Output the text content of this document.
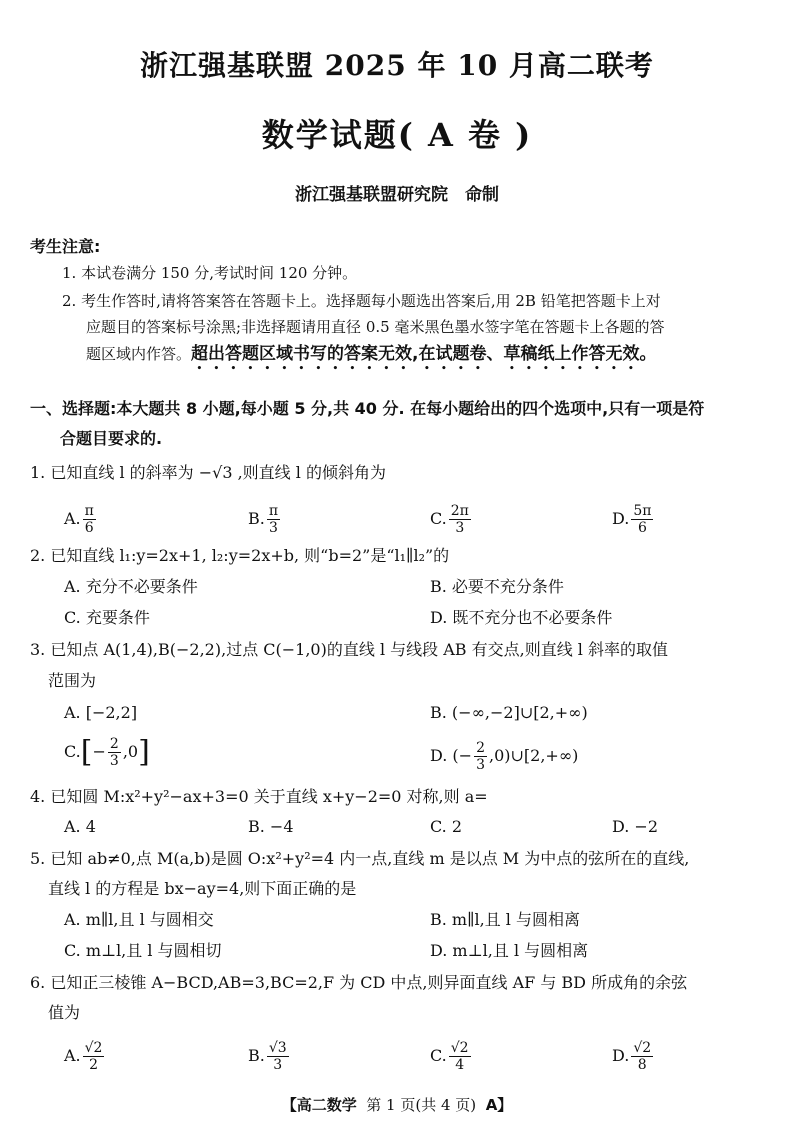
浙江强基联盟 2025 年 10 月高二联考
数学试题( A 卷 )
浙江强基联盟研究院　命制
考生注意:
1. 本试卷满分 150 分,考试时间 120 分钟。
2. 考生作答时,请将答案答在答题卡上。选择题每小题选出答案后,用 2B 铅笔把答题卡上对
应题目的答案标号涂黑;非选择题请用直径 0.5 毫米黑色墨水签字笔在答题卡上各题的答
题区域内作答。超出答题区域书写的答案无效,在试题卷、草稿纸上作答无效。
一、选择题:本大题共 8 小题,每小题 5 分,共 40 分. 在每小题给出的四个选项中,只有一项是符
合题目要求的.
1. 已知直线 l 的斜率为 −√3 ,则直线 l 的倾斜角为
A. $\frac{\pi}{6}$	B. $\frac{\pi}{3}$	C. $\frac{2\pi}{3}$	D. $\frac{5\pi}{6}$
2. 已知直线 l₁:y=2x+1, l₂:y=2x+b, 则“b=2”是“l₁∥l₂”的
A. 充分不必要条件	B. 必要不充分条件
C. 充要条件	D. 既不充分也不必要条件
3. 已知点 A(1,4),B(−2,2),过点 C(−1,0)的直线 l 与线段 AB 有交点,则直线 l 斜率的取值
范围为
A. [−2,2]	B. (−∞,−2]∪[2,+∞)
$C.[- \frac{2}{3} ,0]$	D. (− $\frac{2}{3}$ ,0)∪[2,+∞)
4. 已知圆 M:x²+y²−ax+3=0 关于直线 x+y−2=0 对称,则 a=
A. 4	B. −4	C. 2	D. −2
5. 已知 ab≠0,点 M(a,b)是圆 O:x²+y²=4 内一点,直线 m 是以点 M 为中点的弦所在的直线,
直线 l 的方程是 bx−ay=4,则下面正确的是
A. m∥l,且 l 与圆相交	B. m∥l,且 l 与圆相离
C. m⊥l,且 l 与圆相切	D. m⊥l,且 l 与圆相离
6. 已知正三棱锥 A−BCD,AB=3,BC=2,F 为 CD 中点,则异面直线 AF 与 BD 所成角的余弦
值为
A. $\frac{√2}{2}$	B. $\frac{√3}{3}$	C. $\frac{√2}{4}$	D. $\frac{√2}{8}$
【高二数学 第 1 页(共 4 页) A】
